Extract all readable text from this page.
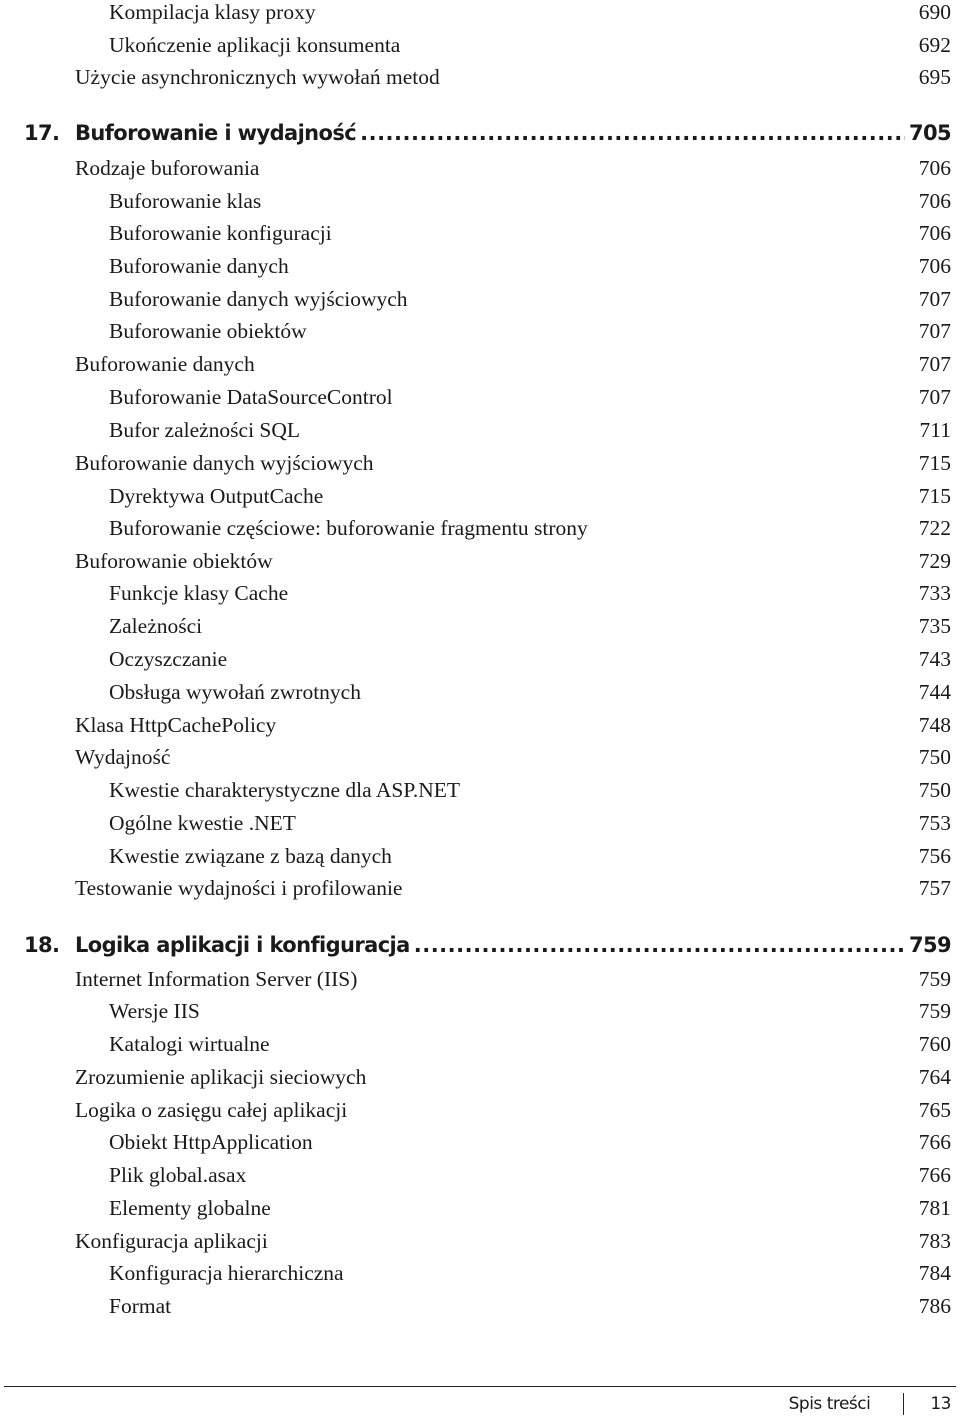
Kompilacja klasy proxy	690
Ukończenie aplikacji konsumenta	692
Użycie asynchronicznych wywołań metod	695
17. Buforowanie i wydajność .....	705
Rodzaje buforowania	706
Buforowanie klas	706
Buforowanie konfiguracji	706
Buforowanie danych	706
Buforowanie danych wyjściowych	707
Buforowanie obiektów	707
Buforowanie danych	707
Buforowanie DataSourceControl	707
Bufor zależności SQL	711
Buforowanie danych wyjściowych	715
Dyrektywa OutputCache	715
Buforowanie częściowe: buforowanie fragmentu strony	722
Buforowanie obiektów	729
Funkcje klasy Cache	733
Zależności	735
Oczyszczanie	743
Obsługa wywołań zwrotnych	744
Klasa HttpCachePolicy	748
Wydajność	750
Kwestie charakterystyczne dla ASP.NET	750
Ogólne kwestie .NET	753
Kwestie związane z bazą danych	756
Testowanie wydajności i profilowanie	757
18. Logika aplikacji i konfiguracja .....	759
Internet Information Server (IIS)	759
Wersje IIS	759
Katalogi wirtualne	760
Zrozumienie aplikacji sieciowych	764
Logika o zasięgu całej aplikacji	765
Obiekt HttpApplication	766
Plik global.asax	766
Elementy globalne	781
Konfiguracja aplikacji	783
Konfiguracja hierarchiczna	784
Format	786
Spis treści	13
